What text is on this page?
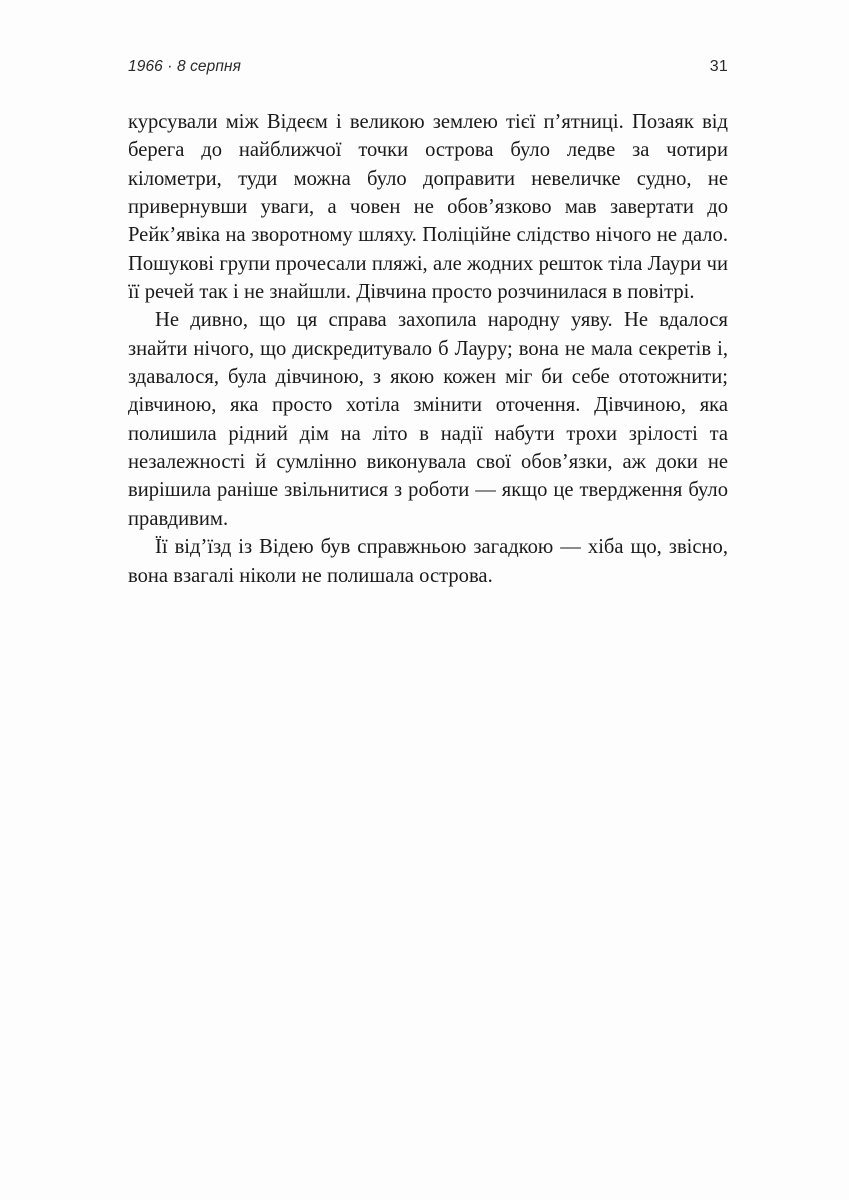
1966 · 8 серпня	31

курсували між Відеєм і великою землею тієї п’ятниці. Позаяк від берега до найближчої точки острова було ледве за чотири кілометри, туди можна було доправити невеличке судно, не привернувши уваги, а човен не обов’язково мав завертати до Рейк’явіка на зворотному шляху. Поліційне слідство нічого не дало. Пошукові групи прочесали пляжі, але жодних решток тіла Лаури чи її речей так і не знайшли. Дівчина просто розчинилася в повітрі.

Не дивно, що ця справа захопила народну уяву. Не вдалося знайти нічого, що дискредитувало б Лауру; вона не мала секретів і, здавалося, була дівчиною, з якою кожен міг би себе ототожнити; дівчиною, яка просто хотіла змінити оточення. Дівчиною, яка полишила рідний дім на літо в надії набути трохи зрілості та незалежності й сумлінно виконувала свої обов’язки, аж доки не вирішила раніше звільнитися з роботи — якщо це твердження було правдивим.

Її від’їзд із Відею був справжньою загадкою — хіба що, звісно, вона взагалі ніколи не полишала острова.
